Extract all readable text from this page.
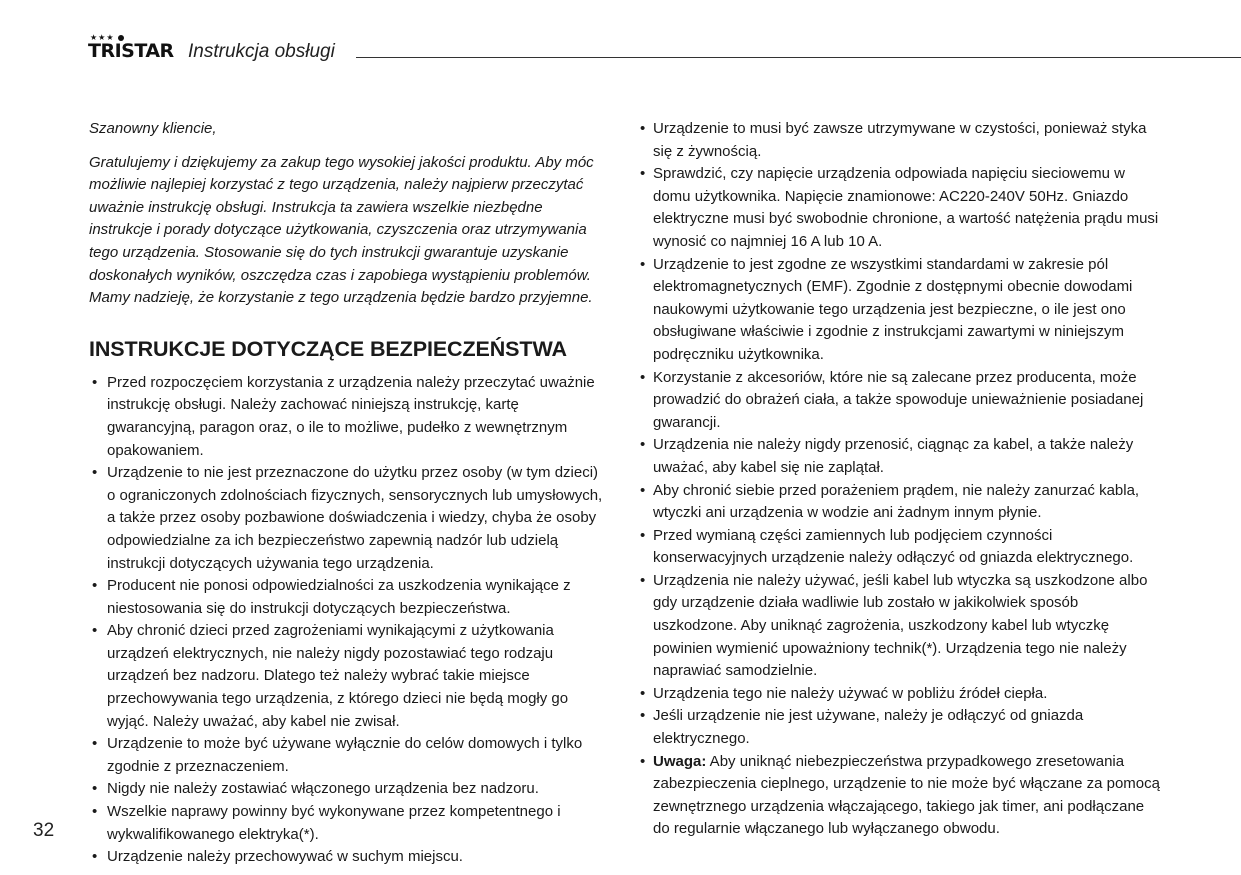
★★★
TRISTAR Instrukcja obsługi

Szanowny kliencie,

Gratulujemy i dziękujemy za zakup tego wysokiej jakości produktu. Aby móc możliwie najlepiej korzystać z tego urządzenia, należy najpierw przeczytać uważnie instrukcję obsługi. Instrukcja ta zawiera wszelkie niezbędne instrukcje i porady dotyczące użytkowania, czyszczenia oraz utrzymywania tego urządzenia. Stosowanie się do tych instrukcji gwarantuje uzyskanie doskonałych wyników, oszczędza czas i zapobiega wystąpieniu problemów. Mamy nadzieję, że korzystanie z tego urządzenia będzie bardzo przyjemne.

INSTRUKCJE DOTYCZĄCE BEZPIECZEŃSTWA
• Przed rozpoczęciem korzystania z urządzenia należy przeczytać uważnie instrukcję obsługi. Należy zachować niniejszą instrukcję, kartę gwarancyjną, paragon oraz, o ile to możliwe, pudełko z wewnętrznym opakowaniem.
• Urządzenie to nie jest przeznaczone do użytku przez osoby (w tym dzieci) o ograniczonych zdolnościach fizycznych, sensorycznych lub umysłowych, a także przez osoby pozbawione doświadczenia i wiedzy, chyba że osoby odpowiedzialne za ich bezpieczeństwo zapewnią nadzór lub udzielą instrukcji dotyczących używania tego urządzenia.
• Producent nie ponosi odpowiedzialności za uszkodzenia wynikające z niestosowania się do instrukcji dotyczących bezpieczeństwa.
• Aby chronić dzieci przed zagrożeniami wynikającymi z użytkowania urządzeń elektrycznych, nie należy nigdy pozostawiać tego rodzaju urządzeń bez nadzoru. Dlatego też należy wybrać takie miejsce przechowywania tego urządzenia, z którego dzieci nie będą mogły go wyjąć. Należy uważać, aby kabel nie zwisał.
• Urządzenie to może być używane wyłącznie do celów domowych i tylko zgodnie z przeznaczeniem.
• Nigdy nie należy zostawiać włączonego urządzenia bez nadzoru.
• Wszelkie naprawy powinny być wykonywane przez kompetentnego i wykwalifikowanego elektryka(*).
• Urządzenie należy przechowywać w suchym miejscu.
• Urządzenie to musi być zawsze utrzymywane w czystości, ponieważ styka się z żywnością.
• Sprawdzić, czy napięcie urządzenia odpowiada napięciu sieciowemu w domu użytkownika. Napięcie znamionowe: AC220-240V 50Hz. Gniazdo elektryczne musi być swobodnie chronione, a wartość natężenia prądu musi wynosić co najmniej 16 A lub 10 A.
• Urządzenie to jest zgodne ze wszystkimi standardami w zakresie pól elektromagnetycznych (EMF). Zgodnie z dostępnymi obecnie dowodami naukowymi użytkowanie tego urządzenia jest bezpieczne, o ile jest ono obsługiwane właściwie i zgodnie z instrukcjami zawartymi w niniejszym podręczniku użytkownika.
• Korzystanie z akcesoriów, które nie są zalecane przez producenta, może prowadzić do obrażeń ciała, a także spowoduje unieważnienie posiadanej gwarancji.
• Urządzenia nie należy nigdy przenosić, ciągnąc za kabel, a także należy uważać, aby kabel się nie zaplątał.
• Aby chronić siebie przed porażeniem prądem, nie należy zanurzać kabla, wtyczki ani urządzenia w wodzie ani żadnym innym płynie.
• Przed wymianą części zamiennych lub podjęciem czynności konserwacyjnych urządzenie należy odłączyć od gniazda elektrycznego.
• Urządzenia nie należy używać, jeśli kabel lub wtyczka są uszkodzone albo gdy urządzenie działa wadliwie lub zostało w jakikolwiek sposób uszkodzone. Aby uniknąć zagrożenia, uszkodzony kabel lub wtyczkę powinien wymienić upoważniony technik(*). Urządzenia tego nie należy naprawiać samodzielnie.
• Urządzenia tego nie należy używać w pobliżu źródeł ciepła.
• Jeśli urządzenie nie jest używane, należy je odłączyć od gniazda elektrycznego.
• Uwaga: Aby uniknąć niebezpieczeństwa przypadkowego zresetowania zabezpieczenia cieplnego, urządzenie to nie może być włączane za pomocą zewnętrznego urządzenia włączającego, takiego jak timer, ani podłączane do regularnie włączanego lub wyłączanego obwodu.
32
